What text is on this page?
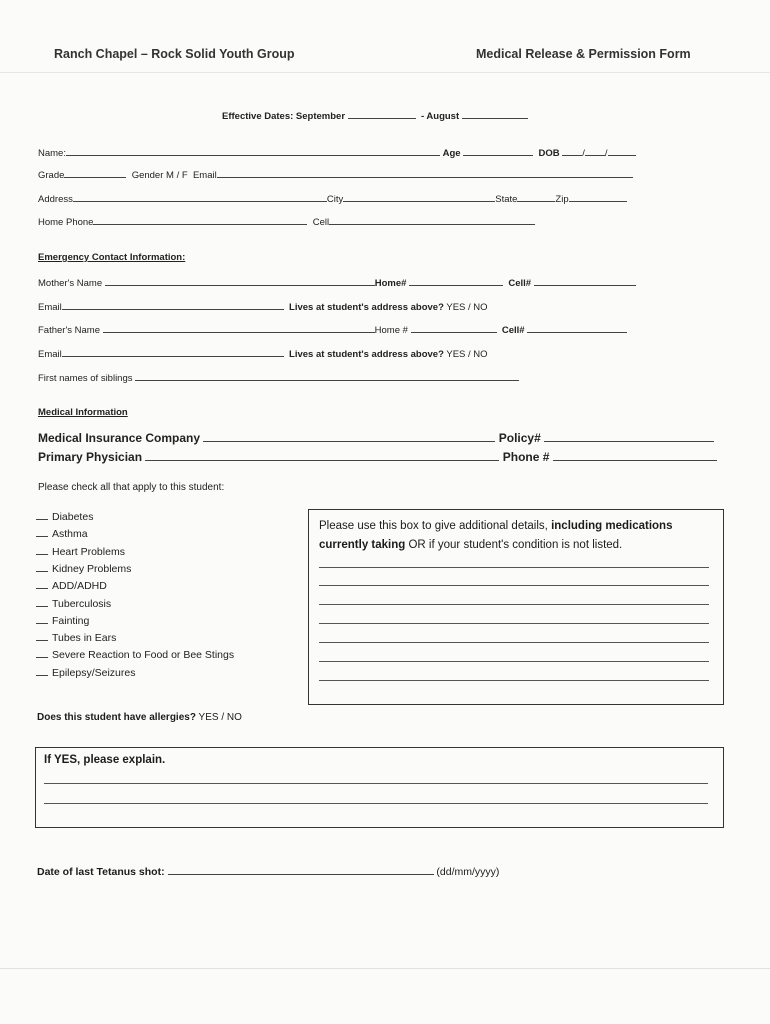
Ranch Chapel – Rock Solid Youth Group	Medical Release & Permission Form
Effective Dates: September	- August
Name:	Age	DOB / /
Grade	Gender M / F Email
Address	City	State	Zip
Home Phone	Cell
Emergency Contact Information:
Mother's Name	Home#	Cell#
Email	Lives at student's address above? YES / NO
Father's Name	Home #	Cell#
Email	Lives at student's address above? YES / NO
First names of siblings
Medical Information
Medical Insurance Company	Policy#
Primary Physician	Phone #
Please check all that apply to this student:
Diabetes
Asthma
Heart Problems
Kidney Problems
ADD/ADHD
Tuberculosis
Fainting
Tubes in Ears
Severe Reaction to Food or Bee Stings
Epilepsy/Seizures
Please use this box to give additional details, including medications currently taking OR if your student's condition is not listed.
Does this student have allergies? YES / NO
If YES, please explain.
Date of last Tetanus shot:	(dd/mm/yyyy)
